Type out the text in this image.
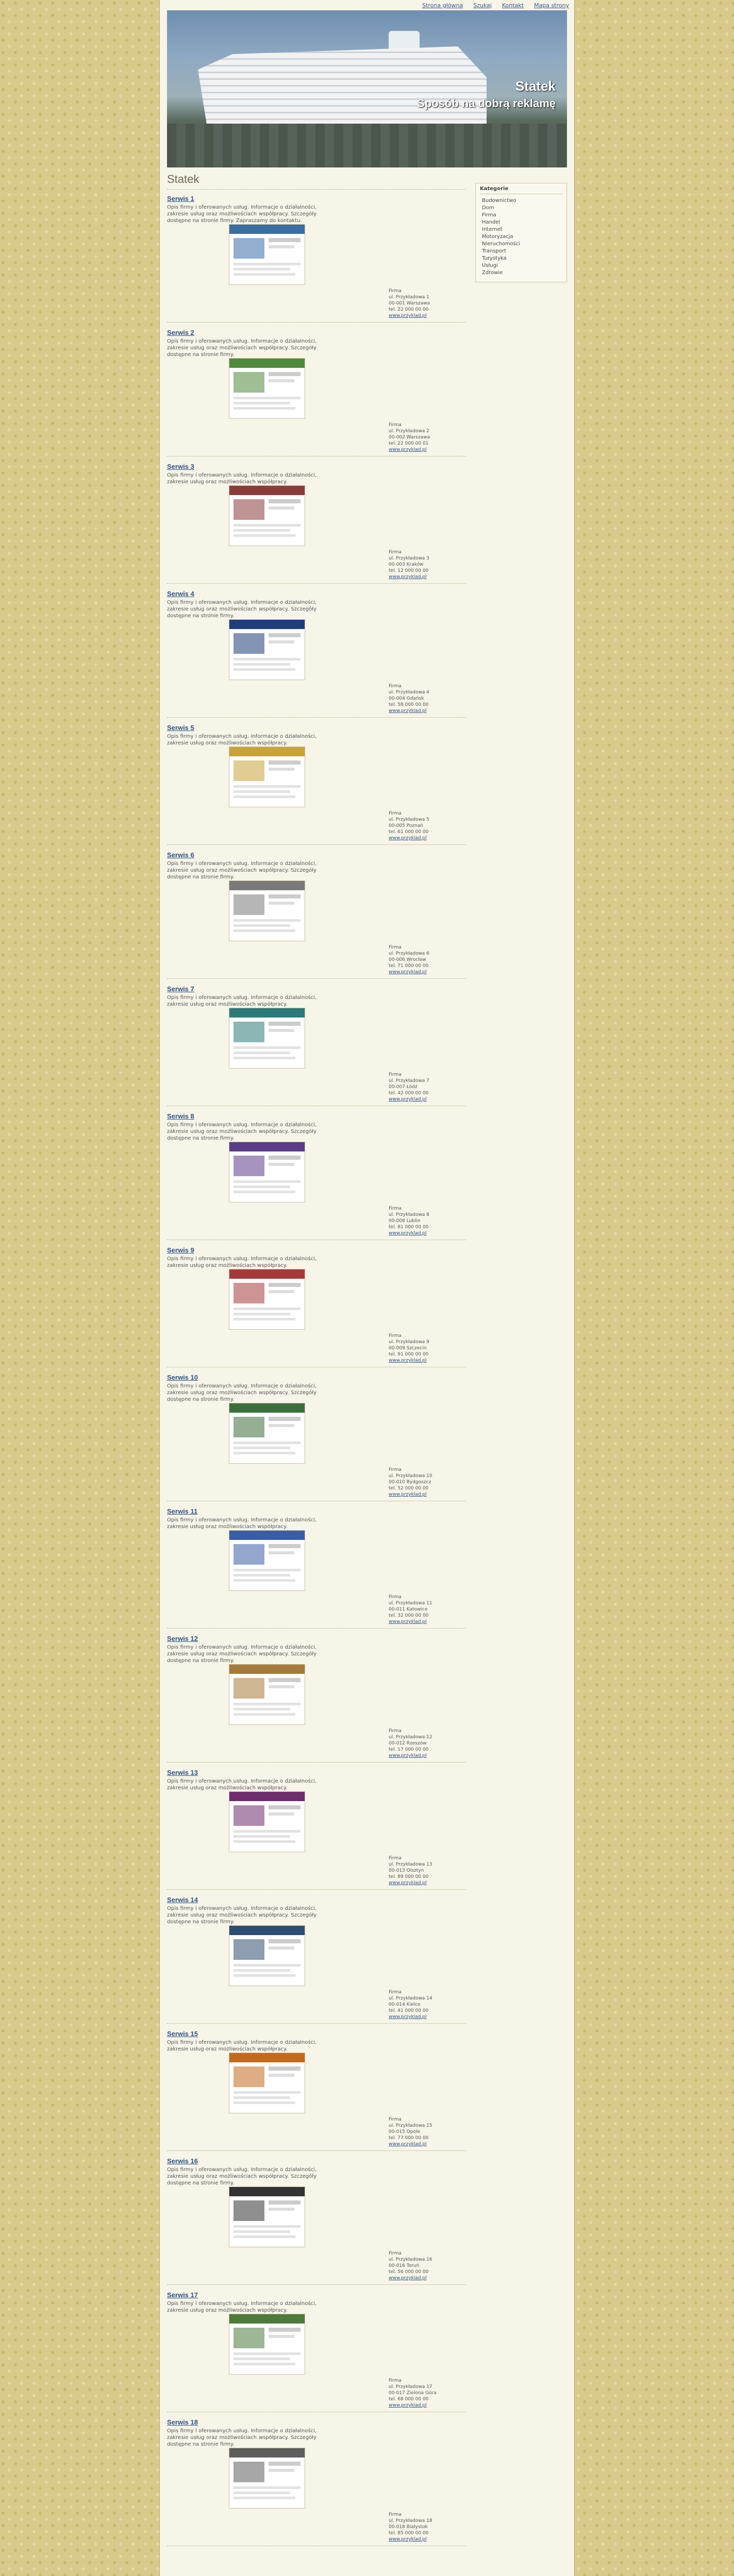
Strona główna Szukaj Kontakt Mapa strony
Statek
Sposób na dobrą reklamę
Statek
Serwis 1
Opis firmy i oferowanych usług. Informacje o działalności, zakresie usług oraz możliwościach współpracy. Szczegóły dostępne na stronie firmy. Zapraszamy do kontaktu.
Firma
ul. Przykładowa 1
00-001 Warszawa
tel. 22 000 00 00
www.przyklad.pl
Serwis 2
Opis firmy i oferowanych usług. Informacje o działalności, zakresie usług oraz możliwościach współpracy. Szczegóły dostępne na stronie firmy.
Firma
ul. Przykładowa 2
00-002 Warszawa
tel. 22 000 00 01
www.przyklad.pl
Serwis 3
Opis firmy i oferowanych usług. Informacje o działalności, zakresie usług oraz możliwościach współpracy.
Firma
ul. Przykładowa 3
00-003 Kraków
tel. 12 000 00 00
www.przyklad.pl
Serwis 4
Opis firmy i oferowanych usług. Informacje o działalności, zakresie usług oraz możliwościach współpracy. Szczegóły dostępne na stronie firmy.
Firma
ul. Przykładowa 4
00-004 Gdańsk
tel. 58 000 00 00
www.przyklad.pl
Serwis 5
Opis firmy i oferowanych usług. Informacje o działalności, zakresie usług oraz możliwościach współpracy.
Firma
ul. Przykładowa 5
00-005 Poznań
tel. 61 000 00 00
www.przyklad.pl
Serwis 6
Opis firmy i oferowanych usług. Informacje o działalności, zakresie usług oraz możliwościach współpracy. Szczegóły dostępne na stronie firmy.
Firma
ul. Przykładowa 6
00-006 Wrocław
tel. 71 000 00 00
www.przyklad.pl
Serwis 7
Opis firmy i oferowanych usług. Informacje o działalności, zakresie usług oraz możliwościach współpracy.
Firma
ul. Przykładowa 7
00-007 Łódź
tel. 42 000 00 00
www.przyklad.pl
Serwis 8
Opis firmy i oferowanych usług. Informacje o działalności, zakresie usług oraz możliwościach współpracy. Szczegóły dostępne na stronie firmy.
Firma
ul. Przykładowa 8
00-008 Lublin
tel. 81 000 00 00
www.przyklad.pl
Serwis 9
Opis firmy i oferowanych usług. Informacje o działalności, zakresie usług oraz możliwościach współpracy.
Firma
ul. Przykładowa 9
00-009 Szczecin
tel. 91 000 00 00
www.przyklad.pl
Serwis 10
Opis firmy i oferowanych usług. Informacje o działalności, zakresie usług oraz możliwościach współpracy. Szczegóły dostępne na stronie firmy.
Firma
ul. Przykładowa 10
00-010 Bydgoszcz
tel. 52 000 00 00
www.przyklad.pl
Serwis 11
Opis firmy i oferowanych usług. Informacje o działalności, zakresie usług oraz możliwościach współpracy.
Firma
ul. Przykładowa 11
00-011 Katowice
tel. 32 000 00 00
www.przyklad.pl
Serwis 12
Opis firmy i oferowanych usług. Informacje o działalności, zakresie usług oraz możliwościach współpracy. Szczegóły dostępne na stronie firmy.
Firma
ul. Przykładowa 12
00-012 Rzeszów
tel. 17 000 00 00
www.przyklad.pl
Serwis 13
Opis firmy i oferowanych usług. Informacje o działalności, zakresie usług oraz możliwościach współpracy.
Firma
ul. Przykładowa 13
00-013 Olsztyn
tel. 89 000 00 00
www.przyklad.pl
Serwis 14
Opis firmy i oferowanych usług. Informacje o działalności, zakresie usług oraz możliwościach współpracy. Szczegóły dostępne na stronie firmy.
Firma
ul. Przykładowa 14
00-014 Kielce
tel. 41 000 00 00
www.przyklad.pl
Serwis 15
Opis firmy i oferowanych usług. Informacje o działalności, zakresie usług oraz możliwościach współpracy.
Firma
ul. Przykładowa 15
00-015 Opole
tel. 77 000 00 00
www.przyklad.pl
Serwis 16
Opis firmy i oferowanych usług. Informacje o działalności, zakresie usług oraz możliwościach współpracy. Szczegóły dostępne na stronie firmy.
Firma
ul. Przykładowa 16
00-016 Toruń
tel. 56 000 00 00
www.przyklad.pl
Serwis 17
Opis firmy i oferowanych usług. Informacje o działalności, zakresie usług oraz możliwościach współpracy.
Firma
ul. Przykładowa 17
00-017 Zielona Góra
tel. 68 000 00 00
www.przyklad.pl
Serwis 18
Opis firmy i oferowanych usług. Informacje o działalności, zakresie usług oraz możliwościach współpracy. Szczegóły dostępne na stronie firmy.
Firma
ul. Przykładowa 18
00-018 Białystok
tel. 85 000 00 00
www.przyklad.pl
Kategorie
Budownictwo
Dom
Firma
Handel
Internet
Motoryzacja
Nieruchomości
Transport
Turystyka
Usługi
Zdrowie
